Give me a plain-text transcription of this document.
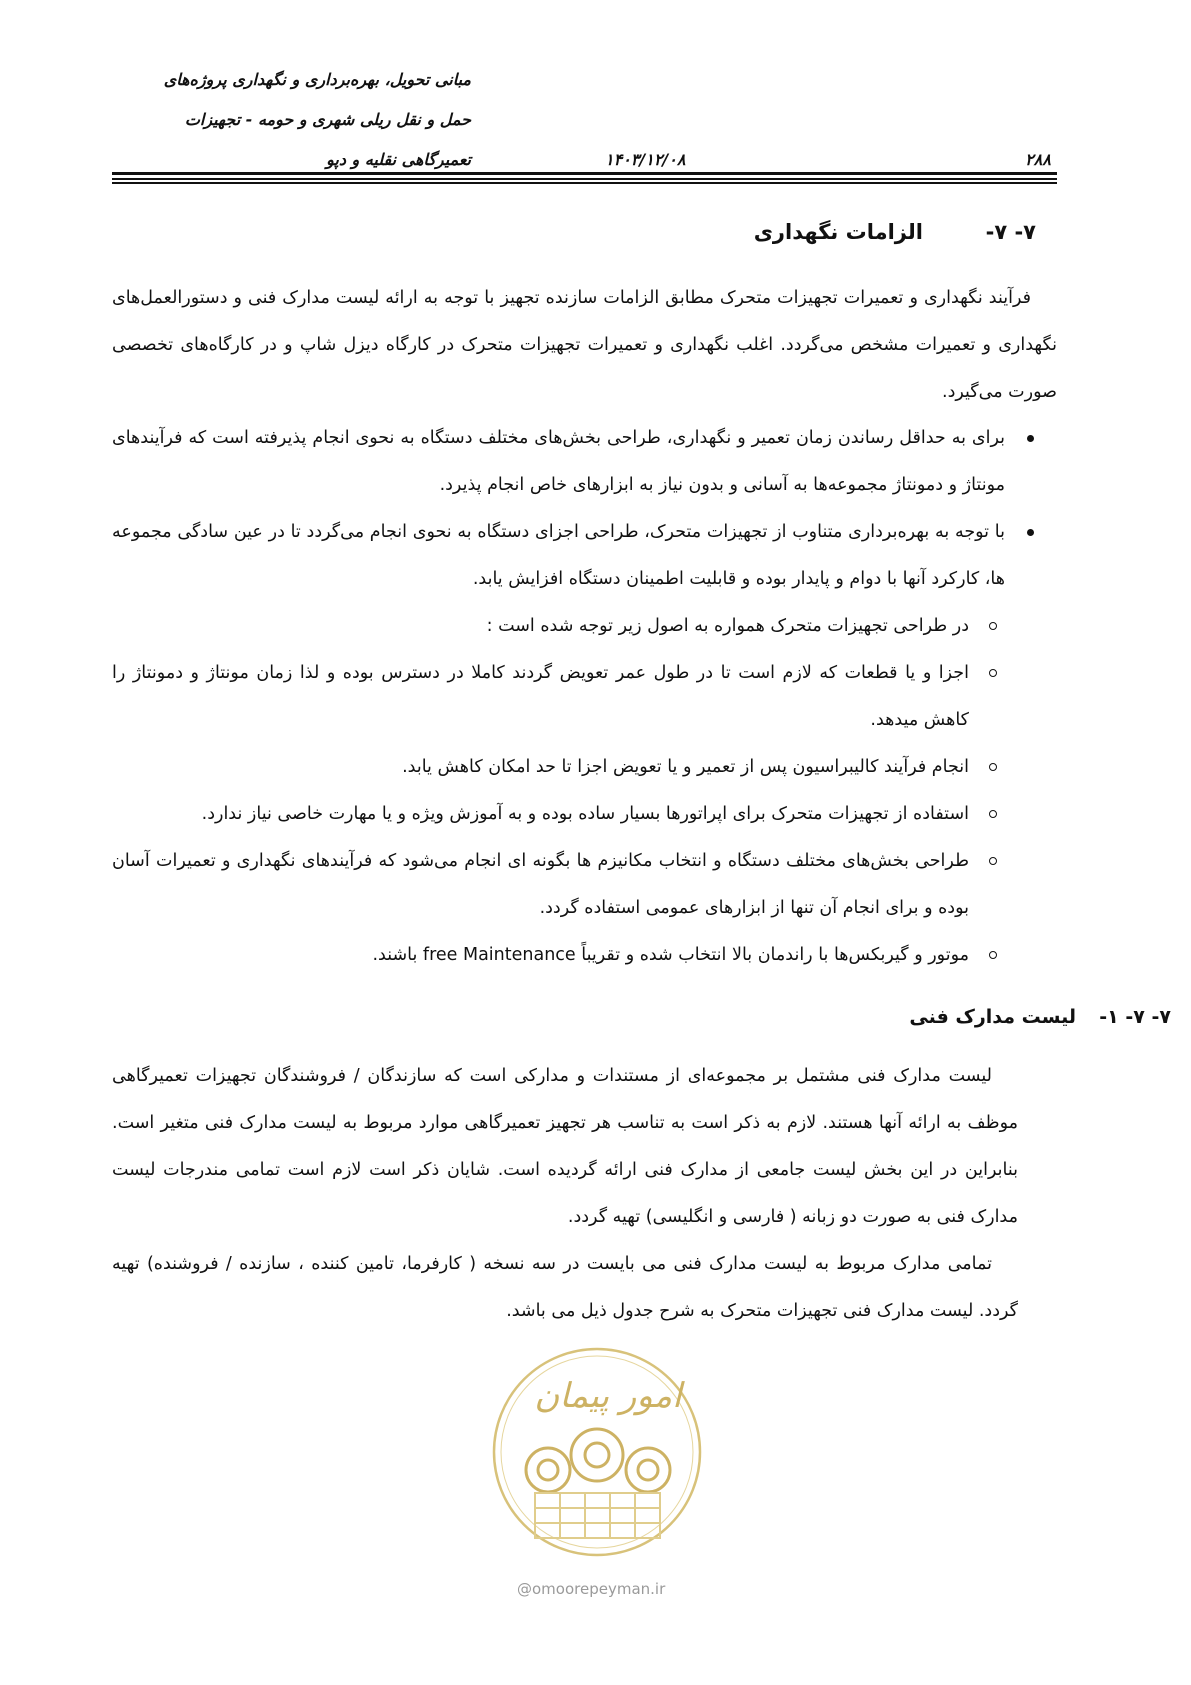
مبانی تحویل، بهره‌برداری و نگهداری پروژه‌های
حمل و نقل ریلی شهری و حومه - تجهیزات
تعمیرگاهی نقلیه و دپو	۱۴۰۳/۱۲/۰۸	۲۸۸
۷- ۷-  الزامات نگهداری
فرآیند نگهداری و تعمیرات تجهیزات متحرک مطابق الزامات سازنده تجهیز با توجه به ارائه لیست مدارک فنی و دستورالعمل‌های نگهداری و تعمیرات مشخص می‌گردد. اغلب نگهداری و تعمیرات تجهیزات متحرک در کارگاه دیزل شاپ و در کارگاه‌های تخصصی صورت می‌گیرد.
برای به حداقل رساندن زمان تعمیر و نگهداری، طراحی بخش‌های مختلف دستگاه به نحوی انجام پذیرفته است که فرآیندهای مونتاژ و دمونتاژ مجموعه‌ها به آسانی و بدون نیاز به ابزارهای خاص انجام پذیرد.
با توجه به بهره‌برداری متناوب از تجهیزات متحرک، طراحی اجزای دستگاه به نحوی انجام می‌گردد تا در عین سادگی مجموعه ها، کارکرد آنها با دوام و پایدار بوده و قابلیت اطمینان دستگاه افزایش یابد.
در طراحی تجهیزات متحرک همواره به اصول زیر توجه شده است :
اجزا و یا قطعات که لازم است تا در طول عمر تعویض گردند کاملا در دسترس بوده و لذا زمان مونتاژ و دمونتاژ را کاهش میدهد.
انجام فرآیند کالیبراسیون پس از تعمیر و یا تعویض اجزا تا حد امکان کاهش یابد.
استفاده از تجهیزات متحرک برای اپراتورها بسیار ساده بوده و به آموزش ویژه و یا مهارت خاصی نیاز ندارد.
طراحی بخش‌های مختلف دستگاه و انتخاب مکانیزم ها بگونه ای انجام می‌شود که فرآیندهای نگهداری و تعمیرات آسان بوده و برای انجام آن تنها از ابزارهای عمومی استفاده گردد.
موتور و گیربکس‌ها با راندمان بالا انتخاب شده و تقریباً free Maintenance باشند.
۷- ۷- ۱-  لیست مدارک فنی
لیست مدارک فنی مشتمل بر مجموعه‌ای از مستندات و مدارکی است که سازندگان / فروشندگان تجهیزات تعمیرگاهی موظف به ارائه آنها هستند. لازم به ذکر است به تناسب هر تجهیز تعمیرگاهی موارد مربوط به لیست مدارک فنی متغیر است. بنابراین در این بخش لیست جامعی از مدارک فنی ارائه گردیده است. شایان ذکر است لازم است تمامی مندرجات لیست مدارک فنی به صورت دو زبانه ( فارسی و انگلیسی) تهیه گردد.
تمامی مدارک مربوط به لیست مدارک فنی می بایست در سه نسخه ( کارفرما، تامین کننده ، سازنده / فروشنده) تهیه گردد. لیست مدارک فنی تجهیزات متحرک به شرح جدول ذیل می باشد.
امور پیمان
@omoorepeyman.ir
